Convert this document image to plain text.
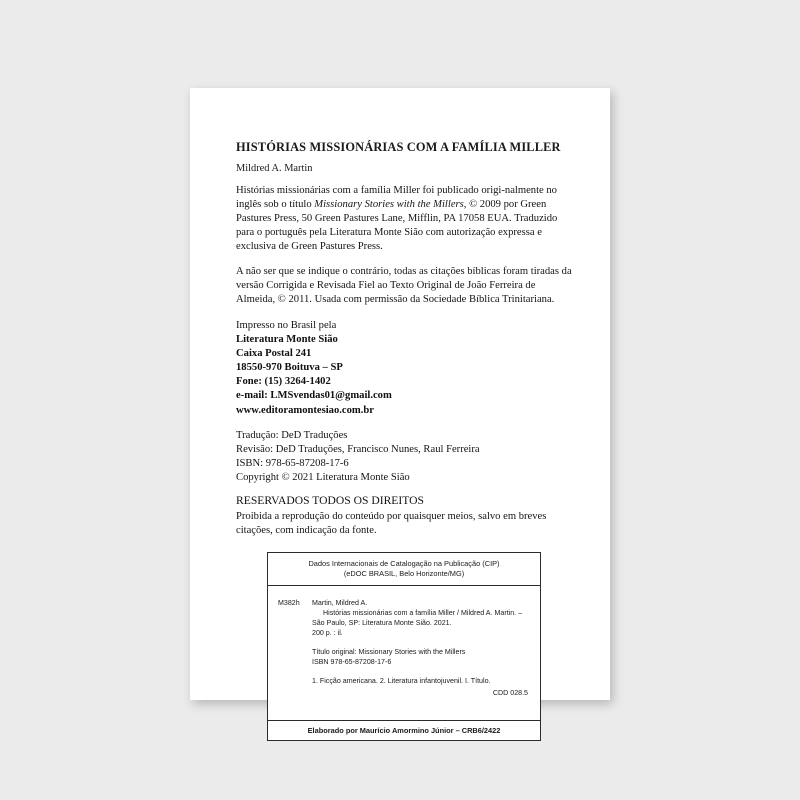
HISTÓRIAS MISSIONÁRIAS COM A FAMÍLIA MILLER
Mildred A. Martin

Histórias missionárias com a família Miller foi publicado origi-nalmente no inglês sob o título Missionary Stories with the Millers, © 2009 por Green Pastures Press, 50 Green Pastures Lane, Mifflin, PA 17058 EUA. Traduzido para o português pela Literatura Monte Sião com autorização expressa e exclusiva de Green Pastures Press.

A não ser que se indique o contrário, todas as citações bíblicas foram tiradas da versão Corrigida e Revisada Fiel ao Texto Original de João Ferreira de Almeida, © 2011. Usada com permissão da Sociedade Bíblica Trinitariana.

Impresso no Brasil pela

Literatura Monte Sião
Caixa Postal 241
18550-970 Boituva – SP
Fone: (15) 3264-1402
e-mail: LMSvendas01@gmail.com
www.editoramontesiao.com.br
Tradução: DeD Traduções
Revisão: DeD Traduções, Francisco Nunes, Raul Ferreira
ISBN: 978-65-87208-17-6
Copyright © 2021 Literatura Monte Sião
RESERVADOS TODOS OS DIREITOS
Proibida a reprodução do conteúdo por quaisquer meios, salvo em breves citações, com indicação da fonte.
Dados Internacionais de Catalogação na Publicação (CIP)
(eDOC BRASIL, Belo Horizonte/MG)
M382h	Martin, Mildred A.
Histórias missionárias com a família Miller / Mildred A. Martin. –
São Paulo, SP: Literatura Monte Sião. 2021.
200 p. : il.
Título original: Missionary Stories with the Millers
ISBN 978-65-87208-17-6
1. Ficção americana. 2. Literatura infantojuvenil. I. Título.
CDD 028.5
Elaborado por Maurício Amormino Júnior – CRB6/2422
